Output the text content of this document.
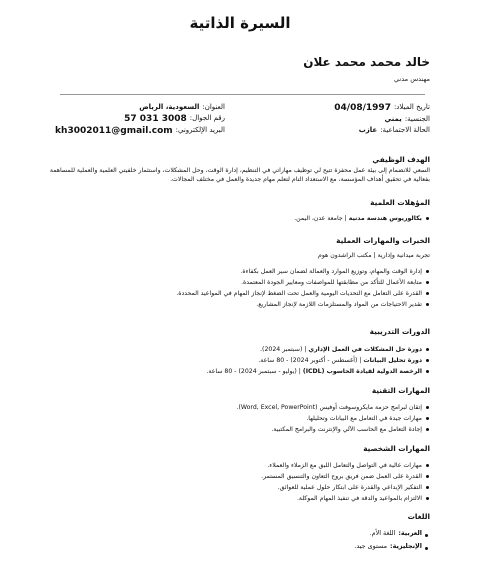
السيرة الذاتية
خالد محمد محمد علان
مهندس مدني
تاريخ الميلاد:
04/08/1997
الجنسية:
يمني
الحالة الاجتماعية:
عازب
العنوان:
السعودية، الرياض
رقم الجوال:
57 031 3008
البريد الإلكتروني:
kh3002011@gmail.com
الهدف الوظيفي
السعي للانضمام إلى بيئة عمل محفزة تتيح لي توظيف مهاراتي في التنظيم، إدارة الوقت، وحل المشكلات، واستثمار خلفيتي العلمية والعملية للمساهمة بفعالية في تحقيق أهداف المؤسسة، مع الاستعداد التام لتعلم مهام جديدة والعمل في مختلف المجالات.
المؤهلات العلمية
بكالوريوس هندسة مدنية | جامعة عدن، اليمن.
الخبرات والمهارات العملية
تجربة ميدانية وإدارية | مكتب الراشدون هوم
إدارة الوقت والمهام، وتوزيع الموارد والعمالة لضمان سير العمل بكفاءة.
متابعة الأعمال للتأكد من مطابقتها للمواصفات ومعايير الجودة المعتمدة.
القدرة على التعامل مع التحديات اليومية والعمل تحت الضغط لإنجاز المهام في المواعيد المحددة.
تقدير الاحتياجات من المواد والمستلزمات اللازمة لإنجاز المشاريع.
الدورات التدريبية
دورة حل المشكلات في العمل الإداري | (سبتمبر 2024).
دورة تحليل البيانات | (أغسطس - أكتوبر 2024) - 80 ساعة.
الرخصة الدولية لقيادة الحاسوب (ICDL) | (يوليو - سبتمبر 2024) - 80 ساعة.
المهارات التقنية
إتقان لبرامج حزمة مايكروسوفت أوفيس (Word, Excel, PowerPoint).
مهارات جيدة في التعامل مع البيانات وتحليلها.
إجادة التعامل مع الحاسب الآلي والإنترنت والبرامج المكتبية.
المهارات الشخصية
مهارات عالية في التواصل والتعامل اللبق مع الزملاء والعملاء.
القدرة على العمل ضمن فريق بروح التعاون والتنسيق المستمر.
التفكير الإبداعي والقدرة على ابتكار حلول عملية للعوائق.
الالتزام بالمواعيد والدقة في تنفيذ المهام الموكلة.
اللغات
العربية:
اللغة الأم.
الإنجليزية:
مستوى جيد.
